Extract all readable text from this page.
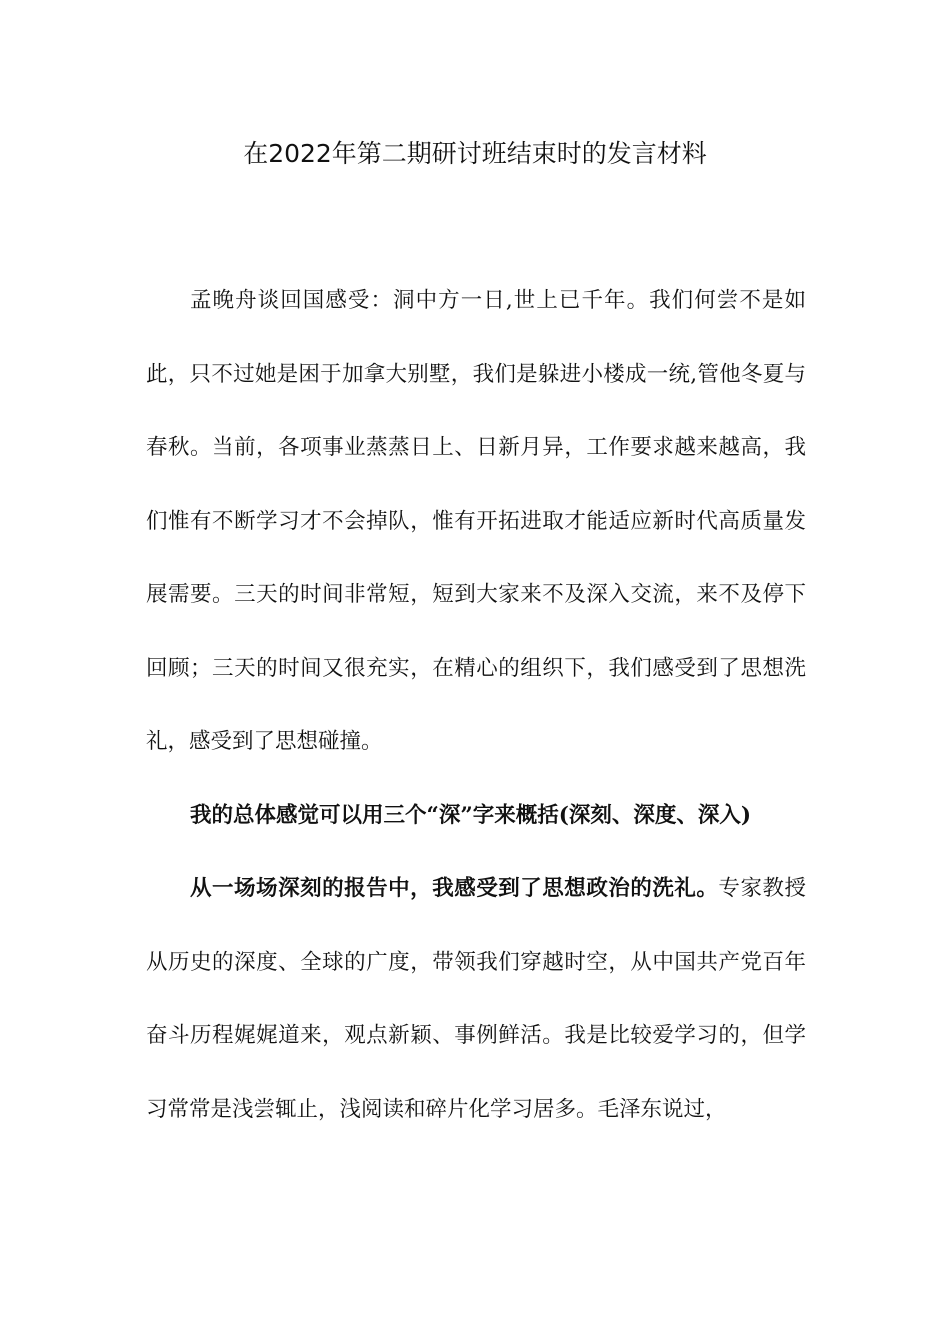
在2022年第二期研讨班结束时的发言材料

孟晚舟谈回国感受：洞中方一日,世上已千年。我们何尝不是如此，只不过她是困于加拿大别墅，我们是躲进小楼成一统,管他冬夏与春秋。当前，各项事业蒸蒸日上、日新月异，工作要求越来越高，我们惟有不断学习才不会掉队，惟有开拓进取才能适应新时代高质量发展需要。三天的时间非常短，短到大家来不及深入交流，来不及停下回顾；三天的时间又很充实，在精心的组织下，我们感受到了思想洗礼，感受到了思想碰撞。

我的总体感觉可以用三个“深”字来概括(深刻、深度、深入)

从一场场深刻的报告中，我感受到了思想政治的洗礼。专家教授从历史的深度、全球的广度，带领我们穿越时空，从中国共产党百年奋斗历程娓娓道来，观点新颖、事例鲜活。我是比较爱学习的，但学习常常是浅尝辄止，浅阅读和碎片化学习居多。毛泽东说过，
